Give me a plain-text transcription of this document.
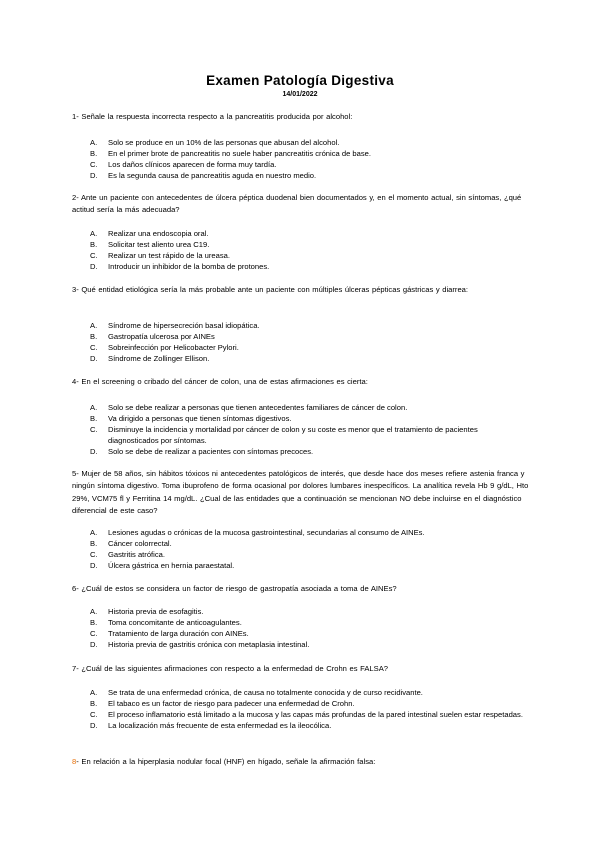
Examen Patología Digestiva
14/01/2022
1- Señale la respuesta incorrecta respecto a la pancreatitis producida por alcohol:
A.	Solo se produce en un 10% de las personas que abusan del alcohol.
B.	En el primer brote de pancreatitis no suele haber pancreatitis crónica de base.
C.	Los daños clínicos aparecen de forma muy tardía.
D.	Es la segunda causa de pancreatitis aguda en nuestro medio.
2- Ante un paciente con antecedentes de úlcera péptica duodenal bien documentados y, en el momento actual, sin síntomas, ¿qué actitud sería la más adecuada?
A.	Realizar una endoscopia oral.
B.	Solicitar test aliento urea C19.
C.	Realizar un test rápido de la ureasa.
D.	Introducir un inhibidor de la bomba de protones.
3- Qué entidad etiológica sería la más probable ante un paciente con múltiples úlceras pépticas gástricas y diarrea:
A.	Síndrome de hipersecreción basal idiopática.
B.	Gastropatía ulcerosa por AINEs
C.	Sobreinfección por Helicobacter Pylori.
D.	Síndrome de Zollinger Ellison.
4- En el screening o cribado del cáncer de colon, una de estas afirmaciones es cierta:
A.	Solo se debe realizar a personas que tienen antecedentes familiares de cáncer de colon.
B.	Va dirigido a personas que tienen síntomas digestivos.
C.	Disminuye la incidencia y mortalidad por cáncer de colon y su coste es menor que el tratamiento de pacientes diagnosticados por síntomas.
D.	Solo se debe de realizar a pacientes con síntomas precoces.
5- Mujer de 58 años, sin hábitos tóxicos ni antecedentes patológicos de interés, que desde hace dos meses refiere astenia franca y ningún síntoma digestivo. Toma ibuprofeno de forma ocasional por dolores lumbares inespecíficos. La analítica revela Hb 9 g/dL, Hto 29%, VCM75 fl y Ferritina 14 mg/dL. ¿Cual de las entidades que a continuación se mencionan NO debe incluirse en el diagnóstico diferencial de este caso?
A.	Lesiones agudas o crónicas de la mucosa gastrointestinal, secundarias al consumo de AINEs.
B.	Cáncer colorrectal.
C.	Gastritis atrófica.
D.	Úlcera gástrica en hernia paraestatal.
6- ¿Cuál de estos se considera un factor de riesgo de gastropatía asociada a toma de AINEs?
A.	Historia previa de esofagitis.
B.	Toma concomitante de anticoagulantes.
C.	Tratamiento de larga duración con AINEs.
D.	Historia previa de gastritis crónica con metaplasia intestinal.
7- ¿Cuál de las siguientes afirmaciones con respecto a la enfermedad de Crohn es FALSA?
A.	Se trata de una enfermedad crónica, de causa no totalmente conocida y de curso recidivante.
B.	El tabaco es un factor de riesgo para padecer una enfermedad de Crohn.
C.	El proceso inflamatorio está limitado a la mucosa y las capas más profundas de la pared intestinal suelen estar respetadas.
D.	La localización más frecuente de esta enfermedad es la ileocólica.
8- En relación a la hiperplasia nodular focal (HNF) en hígado, señale la afirmación falsa:
